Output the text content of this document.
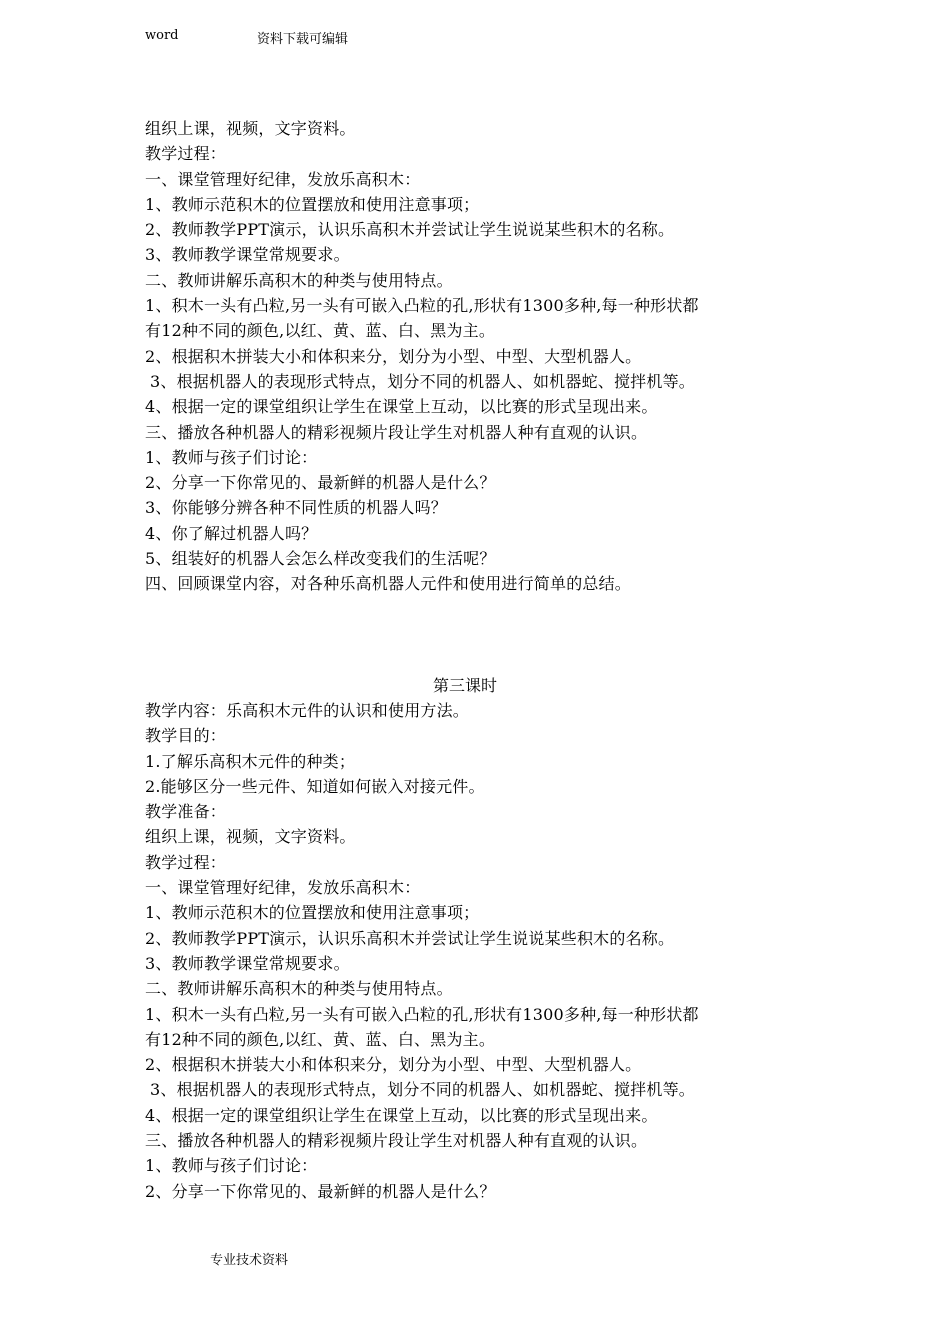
word	资料下载可编辑
组织上课，视频，文字资料。
教学过程：
一、课堂管理好纪律，发放乐高积木：
1、教师示范积木的位置摆放和使用注意事项；
2、教师教学PPT演示，认识乐高积木并尝试让学生说说某些积木的名称。
3、教师教学课堂常规要求。
二、教师讲解乐高积木的种类与使用特点。
1、积木一头有凸粒,另一头有可嵌入凸粒的孔,形状有1300多种,每一种形状都
有12种不同的颜色,以红、黄、蓝、白、黑为主。
2、根据积木拼装大小和体积来分，划分为小型、中型、大型机器人。
3、根据机器人的表现形式特点，划分不同的机器人、如机器蛇、搅拌机等。
4、根据一定的课堂组织让学生在课堂上互动，以比赛的形式呈现出来。
三、播放各种机器人的精彩视频片段让学生对机器人种有直观的认识。
1、教师与孩子们讨论：
2、分享一下你常见的、最新鲜的机器人是什么？
3、你能够分辨各种不同性质的机器人吗？
4、你了解过机器人吗？
5、组装好的机器人会怎么样改变我们的生活呢？
四、回顾课堂内容，对各种乐高机器人元件和使用进行简单的总结。
第三课时
教学内容：乐高积木元件的认识和使用方法。
教学目的：
1.了解乐高积木元件的种类；
2.能够区分一些元件、知道如何嵌入对接元件。
教学准备：
组织上课，视频，文字资料。
教学过程：
一、课堂管理好纪律，发放乐高积木：
1、教师示范积木的位置摆放和使用注意事项；
2、教师教学PPT演示，认识乐高积木并尝试让学生说说某些积木的名称。
3、教师教学课堂常规要求。
二、教师讲解乐高积木的种类与使用特点。
1、积木一头有凸粒,另一头有可嵌入凸粒的孔,形状有1300多种,每一种形状都
有12种不同的颜色,以红、黄、蓝、白、黑为主。
2、根据积木拼装大小和体积来分，划分为小型、中型、大型机器人。
3、根据机器人的表现形式特点，划分不同的机器人、如机器蛇、搅拌机等。
4、根据一定的课堂组织让学生在课堂上互动，以比赛的形式呈现出来。
三、播放各种机器人的精彩视频片段让学生对机器人种有直观的认识。
1、教师与孩子们讨论：
2、分享一下你常见的、最新鲜的机器人是什么？
专业技术资料
